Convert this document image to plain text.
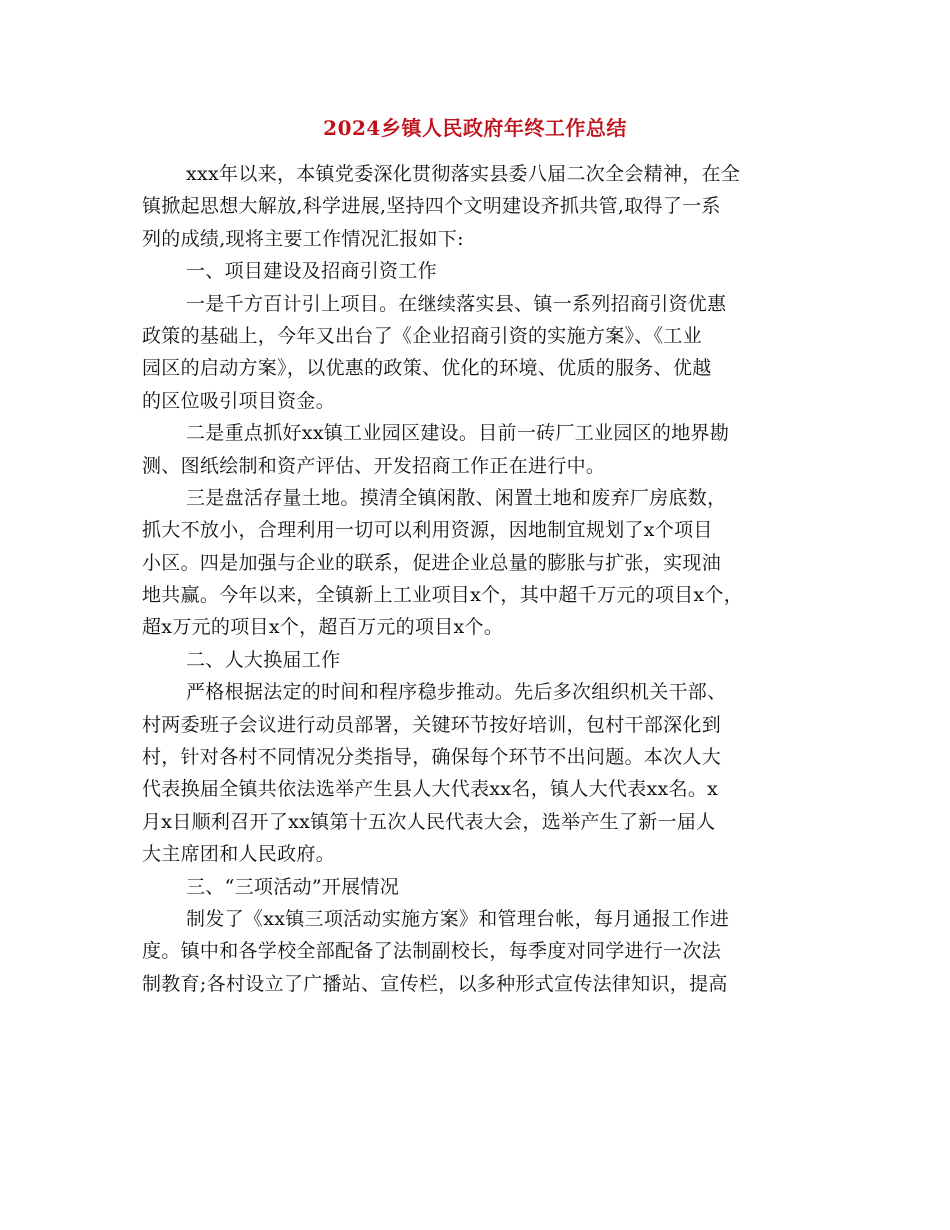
2024乡镇人民政府年终工作总结
xxx年以来，本镇党委深化贯彻落实县委八届二次全会精神，在全
镇掀起思想大解放,科学进展,坚持四个文明建设齐抓共管,取得了一系
列的成绩,现将主要工作情况汇报如下:
一、项目建设及招商引资工作
一是千方百计引上项目。在继续落实县、镇一系列招商引资优惠
政策的基础上，今年又出台了《企业招商引资的实施方案》、《工业
园区的启动方案》，以优惠的政策、优化的环境、优质的服务、优越
的区位吸引项目资金。
二是重点抓好xx镇工业园区建设。目前一砖厂工业园区的地界勘
测、图纸绘制和资产评估、开发招商工作正在进行中。
三是盘活存量土地。摸清全镇闲散、闲置土地和废弃厂房底数，
抓大不放小，合理利用一切可以利用资源，因地制宜规划了x个项目
小区。四是加强与企业的联系，促进企业总量的膨胀与扩张，实现油
地共赢。今年以来，全镇新上工业项目x个，其中超千万元的项目x个，
超x万元的项目x个，超百万元的项目x个。
二、人大换届工作
严格根据法定的时间和程序稳步推动。先后多次组织机关干部、
村两委班子会议进行动员部署，关键环节按好培训，包村干部深化到
村，针对各村不同情况分类指导，确保每个环节不出问题。本次人大
代表换届全镇共依法选举产生县人大代表xx名，镇人大代表xx名。x
月x日顺利召开了xx镇第十五次人民代表大会，选举产生了新一届人
大主席团和人民政府。
三、“三项活动”开展情况
制发了《xx镇三项活动实施方案》和管理台帐，每月通报工作进
度。镇中和各学校全部配备了法制副校长，每季度对同学进行一次法
制教育;各村设立了广播站、宣传栏，以多种形式宣传法律知识，提高
